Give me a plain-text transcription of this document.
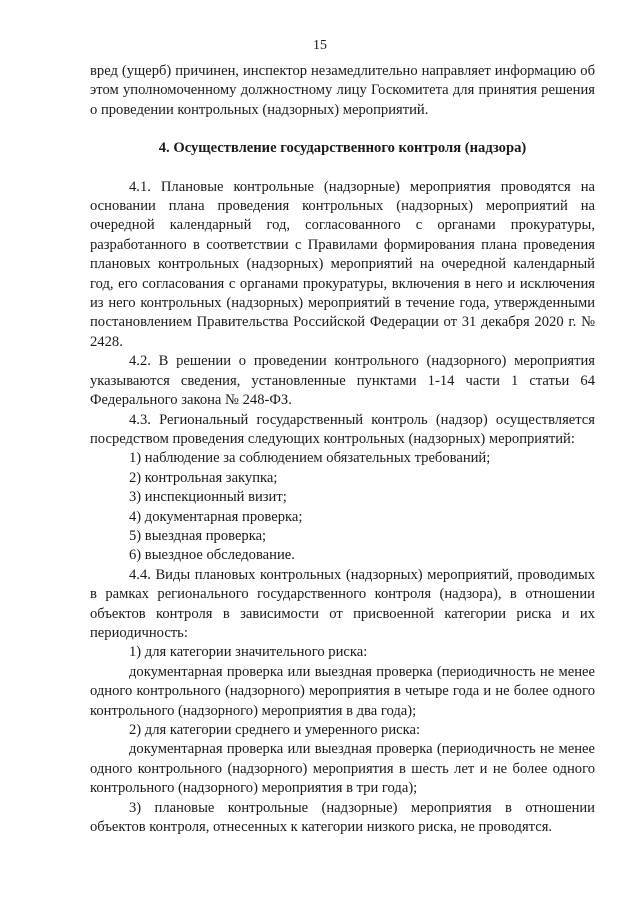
15

вред (ущерб) причинен, инспектор незамедлительно направляет информацию об этом уполномоченному должностному лицу Госкомитета для принятия решения о проведении контрольных (надзорных) мероприятий.

4. Осуществление государственного контроля (надзора)

4.1. Плановые контрольные (надзорные) мероприятия проводятся на основании плана проведения контрольных (надзорных) мероприятий на очередной календарный год, согласованного с органами прокуратуры, разработанного в соответствии с Правилами формирования плана проведения плановых контрольных (надзорных) мероприятий на очередной календарный год, его согласования с органами прокуратуры, включения в него и исключения из него контрольных (надзорных) мероприятий в течение года, утвержденными постановлением Правительства Российской Федерации от 31 декабря 2020 г. № 2428.

4.2. В решении о проведении контрольного (надзорного) мероприятия указываются сведения, установленные пунктами 1-14 части 1 статьи 64 Федерального закона № 248-ФЗ.

4.3. Региональный государственный контроль (надзор) осуществляется посредством проведения следующих контрольных (надзорных) мероприятий:

1) наблюдение за соблюдением обязательных требований;

2) контрольная закупка;

3) инспекционный визит;

4) документарная проверка;

5) выездная проверка;

6) выездное обследование.

4.4. Виды плановых контрольных (надзорных) мероприятий, проводимых в рамках регионального государственного контроля (надзора), в отношении объектов контроля в зависимости от присвоенной категории риска и их периодичность:

1) для категории значительного риска:

документарная проверка или выездная проверка (периодичность не менее одного контрольного (надзорного) мероприятия в четыре года и не более одного контрольного (надзорного) мероприятия в два года);

2) для категории среднего и умеренного риска:

документарная проверка или выездная проверка (периодичность не менее одного контрольного (надзорного) мероприятия в шесть лет и не более одного контрольного (надзорного) мероприятия в три года);

3) плановые контрольные (надзорные) мероприятия в отношении объектов контроля, отнесенных к категории низкого риска, не проводятся.
